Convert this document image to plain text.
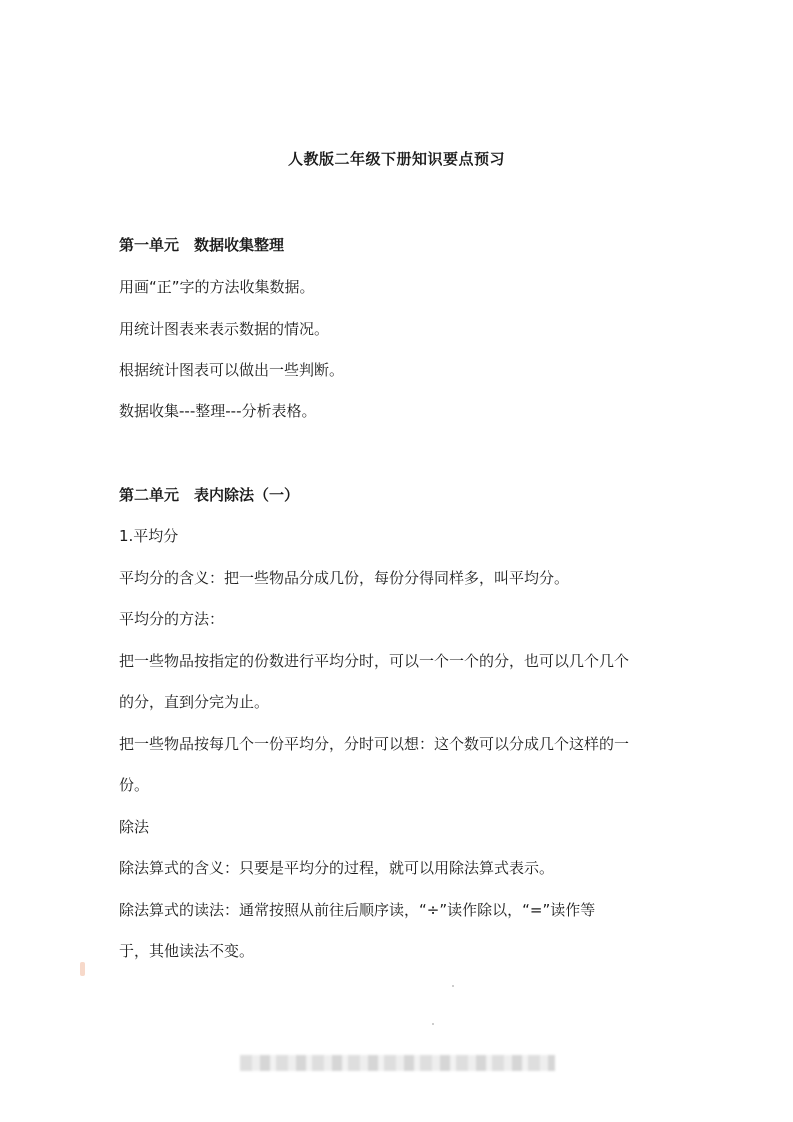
人教版二年级下册知识要点预习
第一单元　数据收集整理
用画“正”字的方法收集数据。
用统计图表来表示数据的情况。
根据统计图表可以做出一些判断。
数据收集---整理---分析表格。
第二单元　表内除法（一）
1.平均分
平均分的含义：把一些物品分成几份，每份分得同样多，叫平均分。
平均分的方法：
把一些物品按指定的份数进行平均分时，可以一个一个的分，也可以几个几个
的分，直到分完为止。
把一些物品按每几个一份平均分，分时可以想：这个数可以分成几个这样的一
份。
除法
除法算式的含义：只要是平均分的过程，就可以用除法算式表示。
除法算式的读法：通常按照从前往后顺序读，“÷”读作除以，“=”读作等
于，其他读法不变。
